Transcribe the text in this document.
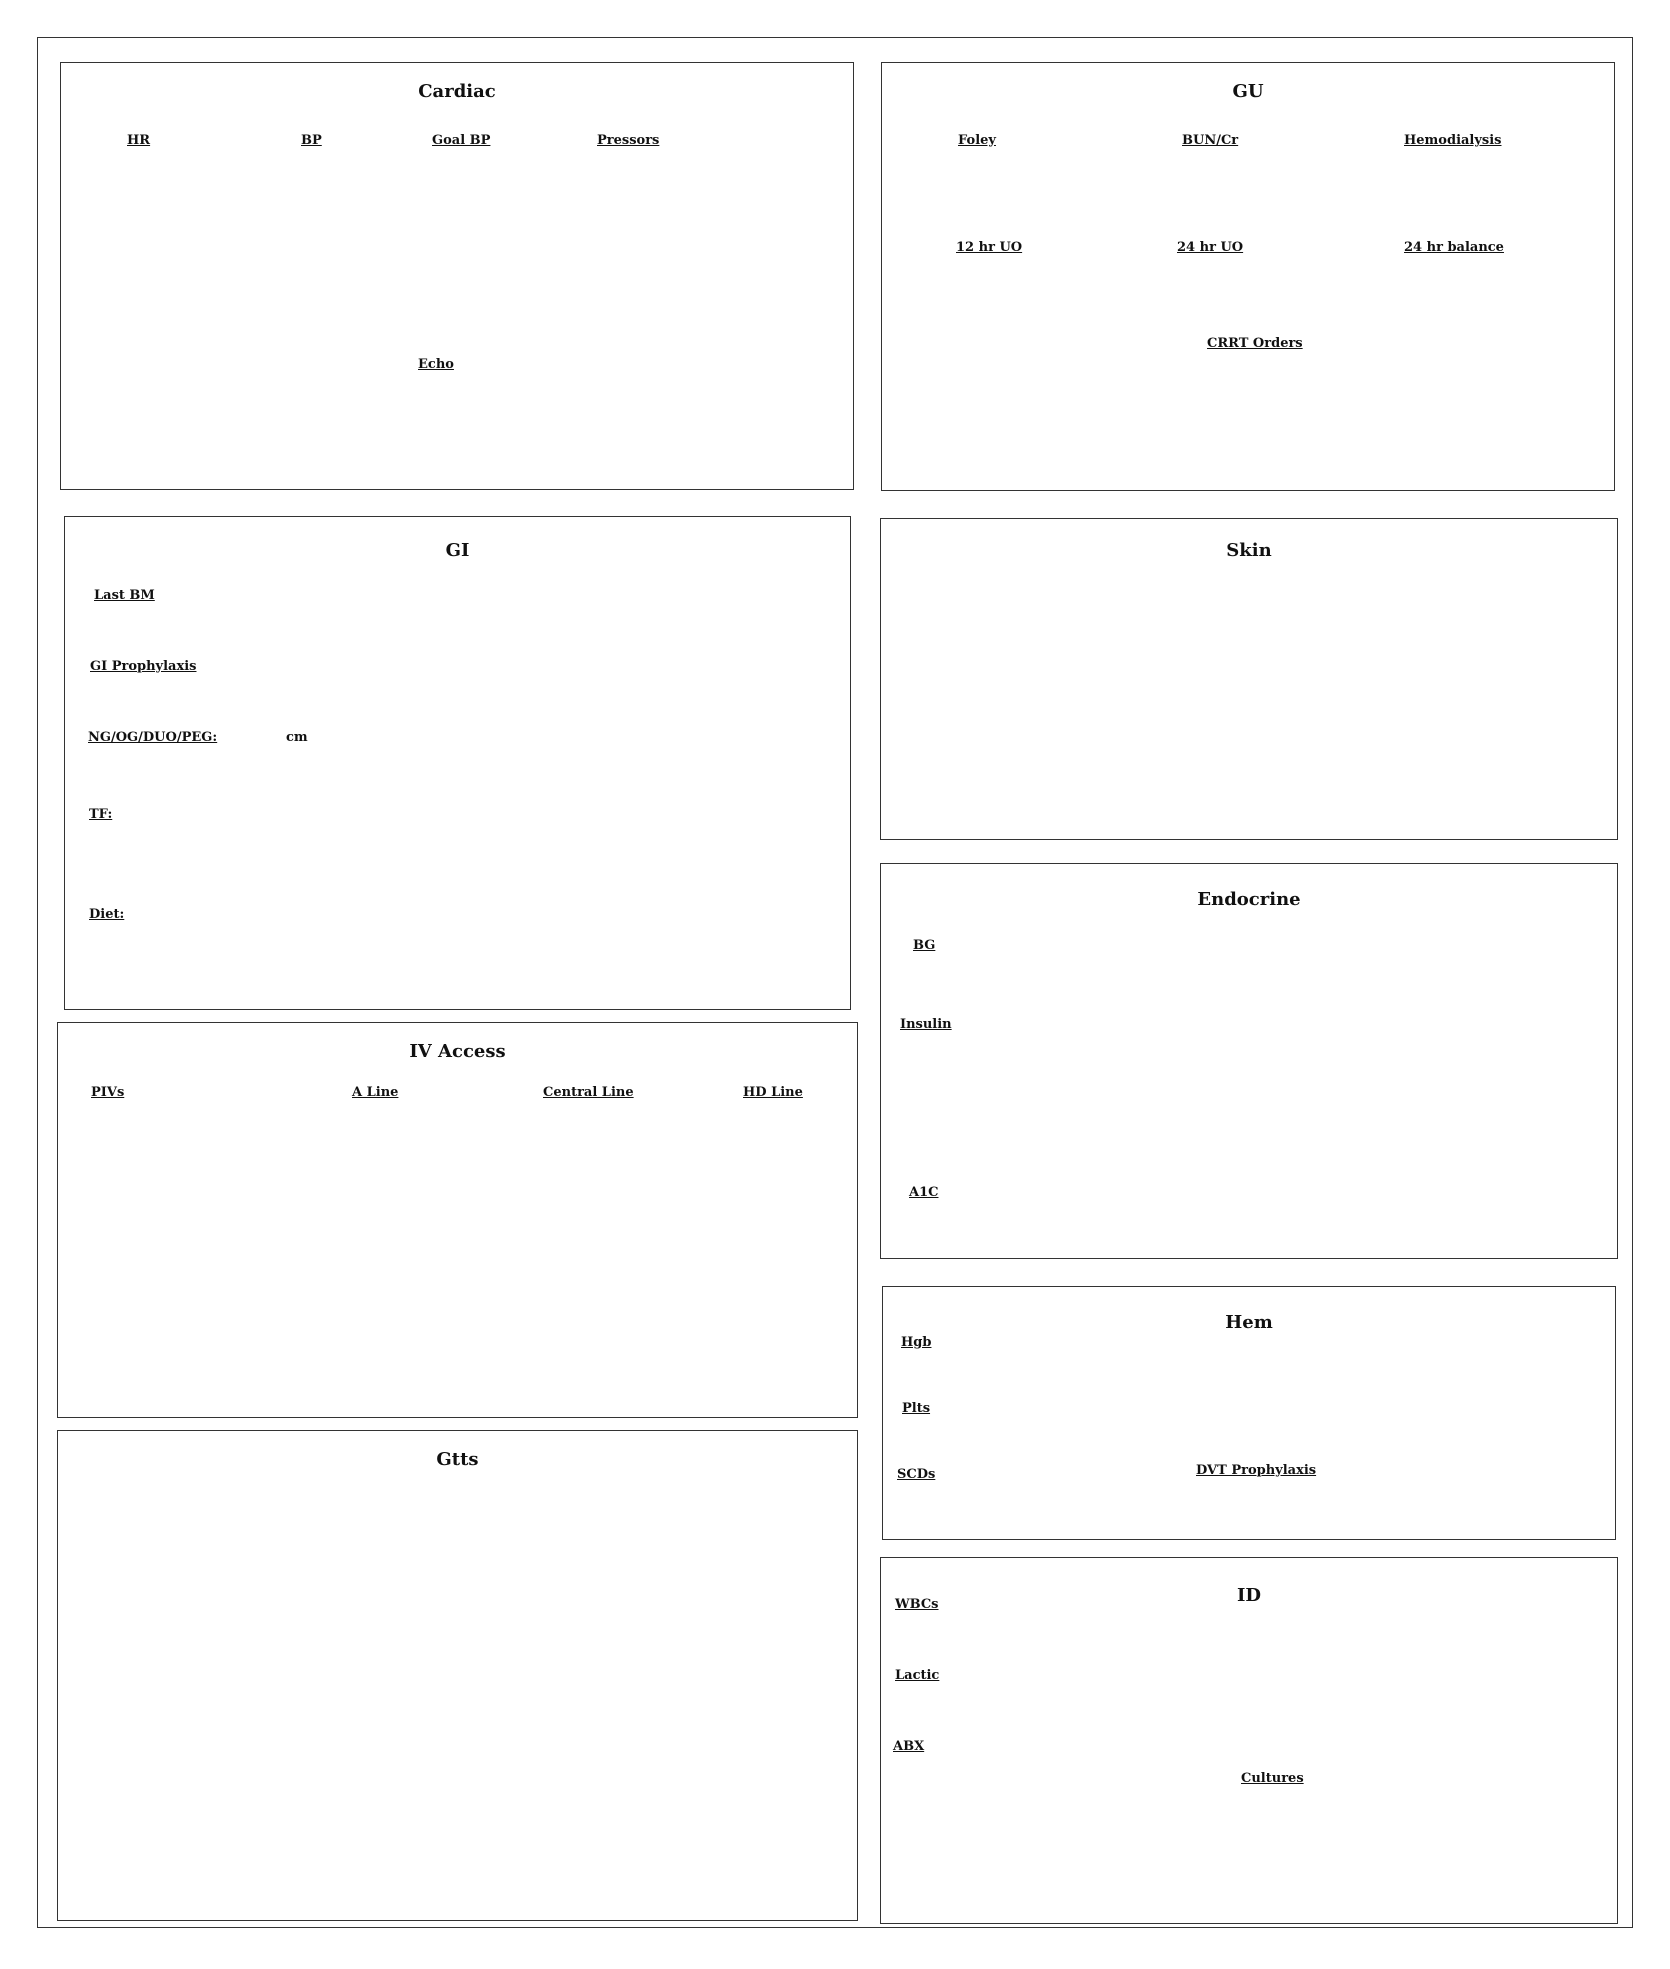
Cardiac
HR	BP	Goal BP	Pressors
Echo
GU
Foley	BUN/Cr	Hemodialysis
12 hr UO	24 hr UO	24 hr balance
CRRT Orders
GI
Last BM
GI Prophylaxis
NG/OG/DUO/PEG:	cm
TF:
Diet:
Skin
Endocrine
BG
Insulin
A1C
IV Access
PIVs	A Line	Central Line	HD Line
Hem
Hgb
Plts
SCDs	DVT Prophylaxis
Gtts
ID
WBCs
Lactic
ABX
Cultures
